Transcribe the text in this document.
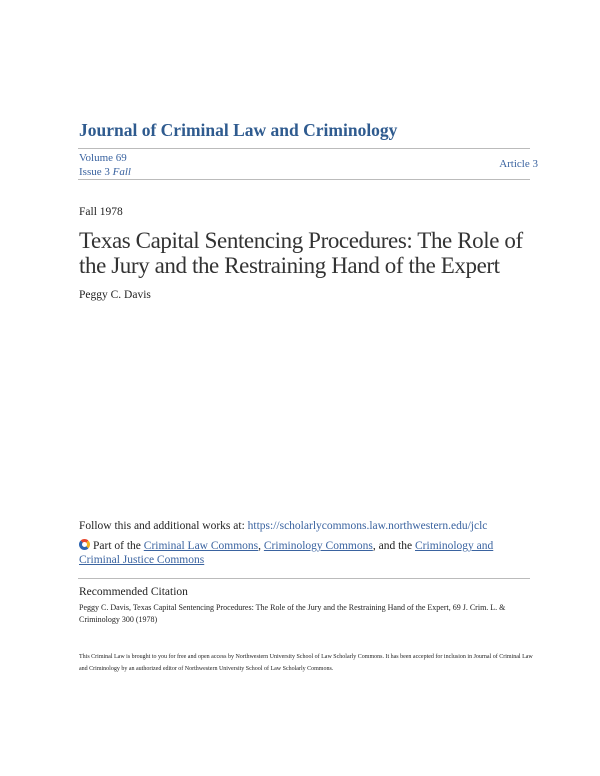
Journal of Criminal Law and Criminology
Volume 69
Issue 3 Fall
Article 3
Fall 1978
Texas Capital Sentencing Procedures: The Role of the Jury and the Restraining Hand of the Expert
Peggy C. Davis
Follow this and additional works at: https://scholarlycommons.law.northwestern.edu/jclc
Part of the Criminal Law Commons, Criminology Commons, and the Criminology and Criminal Justice Commons
Recommended Citation
Peggy C. Davis, Texas Capital Sentencing Procedures: The Role of the Jury and the Restraining Hand of the Expert, 69 J. Crim. L. & Criminology 300 (1978)
This Criminal Law is brought to you for free and open access by Northwestern University School of Law Scholarly Commons. It has been accepted for inclusion in Journal of Criminal Law and Criminology by an authorized editor of Northwestern University School of Law Scholarly Commons.
